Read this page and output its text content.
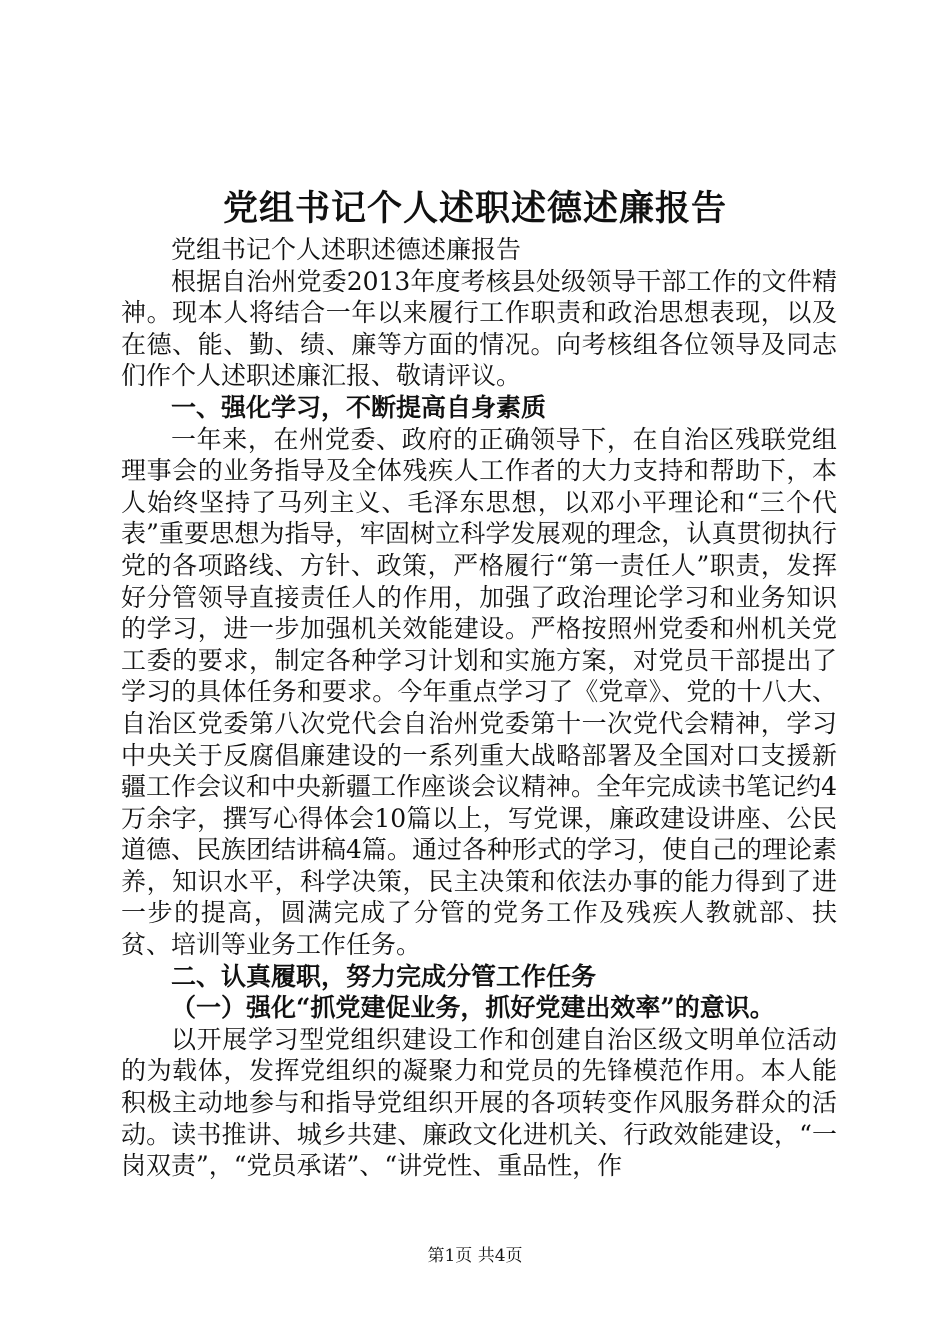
党组书记个人述职述德述廉报告

党组书记个人述职述德述廉报告

根据自治州党委2013年度考核县处级领导干部工作的文件精神。现本人将结合一年以来履行工作职责和政治思想表现，以及在德、能、勤、绩、廉等方面的情况。向考核组各位领导及同志们作个人述职述廉汇报、敬请评议。

一、强化学习，不断提高自身素质

一年来，在州党委、政府的正确领导下，在自治区残联党组理事会的业务指导及全体残疾人工作者的大力支持和帮助下，本人始终坚持了马列主义、毛泽东思想，以邓小平理论和“三个代表”重要思想为指导，牢固树立科学发展观的理念，认真贯彻执行党的各项路线、方针、政策，严格履行“第一责任人”职责，发挥好分管领导直接责任人的作用，加强了政治理论学习和业务知识的学习，进一步加强机关效能建设。严格按照州党委和州机关党工委的要求，制定各种学习计划和实施方案，对党员干部提出了学习的具体任务和要求。今年重点学习了《党章》、党的十八大、自治区党委第八次党代会自治州党委第十一次党代会精神，学习中央关于反腐倡廉建设的一系列重大战略部署及全国对口支援新疆工作会议和中央新疆工作座谈会议精神。全年完成读书笔记约4万余字，撰写心得体会10篇以上，写党课，廉政建设讲座、公民道德、民族团结讲稿4篇。通过各种形式的学习，使自己的理论素养，知识水平，科学决策，民主决策和依法办事的能力得到了进一步的提高，圆满完成了分管的党务工作及残疾人教就部、扶贫、培训等业务工作任务。

二、认真履职，努力完成分管工作任务

（一）强化“抓党建促业务，抓好党建出效率”的意识。

以开展学习型党组织建设工作和创建自治区级文明单位活动的为载体，发挥党组织的凝聚力和党员的先锋模范作用。本人能积极主动地参与和指导党组织开展的各项转变作风服务群众的活动。读书推讲、城乡共建、廉政文化进机关、行政效能建设，“一岗双责”，“党员承诺”、“讲党性、重品性，作

第1页 共4页
